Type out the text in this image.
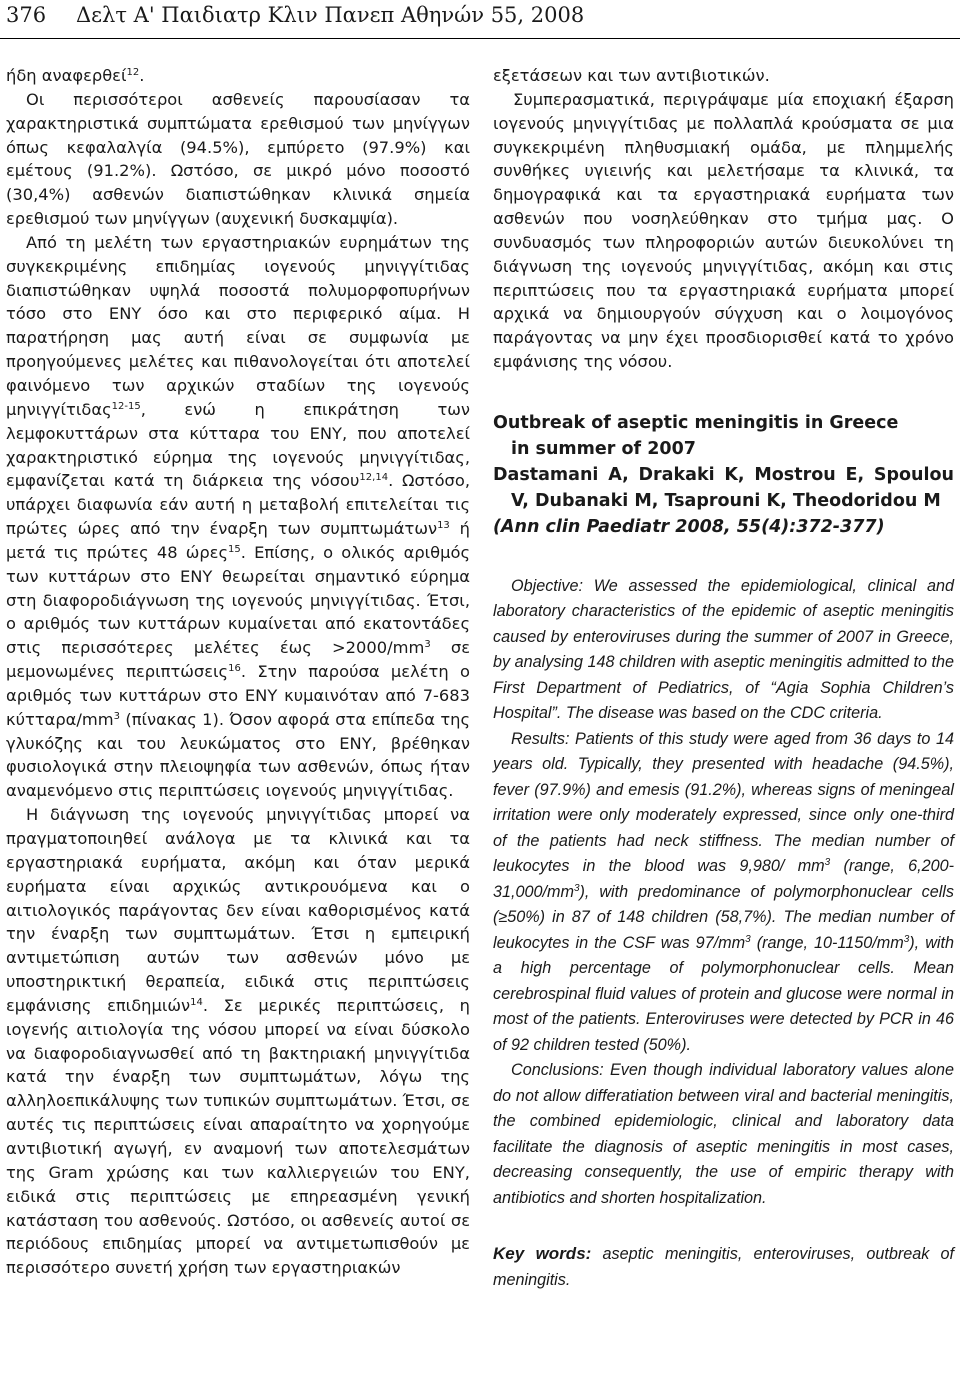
376 Δελτ Α' Παιδιατρ Κλιν Πανεπ Αθηνών 55, 2008

ήδη αναφερθεί$^{12}$.

Οι περισσότεροι ασθενείς παρουσίασαν τα χαρακτηριστικά συμπτώματα ερεθισμού των μηνίγγων όπως κεφαλαλγία (94.5%), εμπύρετο (97.9%) και εμέτους (91.2%). Ωστόσο, σε μικρό μόνο ποσοστό (30,4%) ασθενών διαπιστώθηκαν κλινικά σημεία ερεθισμού των μηνίγγων (αυχενική δυσκαμψία).

Από τη μελέτη των εργαστηριακών ευρημάτων της συγκεκριμένης επιδημίας ιογενούς μηνιγγίτιδας διαπιστώθηκαν υψηλά ποσοστά πολυμορφοπυρήνων τόσο στο ΕΝΥ όσο και στο περιφερικό αίμα. Η παρατήρηση μας αυτή είναι σε συμφωνία με προηγούμενες μελέτες και πιθανολογείται ότι αποτελεί φαινόμενο των αρχικών σταδίων της ιογενούς μηνιγγίτιδας$^{12-15}$, ενώ η επικράτηση των λεμφοκυττάρων στα κύτταρα του ΕΝΥ, που αποτελεί χαρακτηριστικό εύρημα της ιογενούς μηνιγγίτιδας, εμφανίζεται κατά τη διάρκεια της νόσου$^{12,14}$. Ωστόσο, υπάρχει διαφωνία εάν αυτή η μεταβολή επιτελείται τις πρώτες ώρες από την έναρξη των συμπτωμάτων$^{13}$ ή μετά τις πρώτες 48 ώρες$^{15}$. Επίσης, ο ολικός αριθμός των κυττάρων στο ΕΝΥ θεωρείται σημαντικό εύρημα στη διαφοροδιάγνωση της ιογενούς μηνιγγίτιδας. Έτσι, ο αριθμός των κυττάρων κυμαίνεται από εκατοντάδες στις περισσότερες μελέτες $έ\omega\varsigma >2000/mm^3$ σε μεμονωμένες περιπτώσεις$^{16}$. Στην παρούσα μελέτη ο αριθμός των κυττάρων στο ΕΝΥ κυμαινόταν από 7-683 κύτταρα/$mm^3$ (πίνακας 1). Όσον αφορά στα επίπεδα της γλυκόζης και του λευκώματος στο ΕΝΥ, βρέθηκαν φυσιολογικά στην πλειοψηφία των ασθενών, όπως ήταν αναμενόμενο στις περιπτώσεις ιογενούς μηνιγγίτιδας.

Η διάγνωση της ιογενούς μηνιγγίτιδας μπορεί να πραγματοποιηθεί ανάλογα με τα κλινικά και τα εργαστηριακά ευρήματα, ακόμη και όταν μερικά ευρήματα είναι αρχικώς αντικρουόμενα και ο αιτιολογικός παράγοντας δεν είναι καθορισμένος κατά την έναρξη των συμπτωμάτων. Έτσι η εμπειρική αντιμετώπιση αυτών των ασθενών μόνο με υποστηρικτική θεραπεία, ειδικά στις περιπτώσεις εμφάνισης επιδημιών$^{14}$. Σε μερικές περιπτώσεις, η ιογενής αιτιολογία της νόσου μπορεί να είναι δύσκολο να διαφοροδιαγνωσθεί από τη βακτηριακή μηνιγγίτιδα κατά την έναρξη των συμπτωμάτων, λόγω της αλληλοεπικάλυψης των τυπικών συμπτωμάτων. Έτσι, σε αυτές τις περιπτώσεις είναι απαραίτητο να χορηγούμε αντιβιοτική αγωγή, εν αναμονή των αποτελεσμάτων της Gram χρώσης και των καλλιεργειών του ΕΝΥ, ειδικά στις περιπτώσεις με επηρεασμένη γενική κατάσταση του ασθενούς. Ωστόσο, οι ασθενείς αυτοί σε περιόδους επιδημίας μπορεί να αντιμετωπισθούν με περισσότερο συνετή χρήση των εργαστηριακών

εξετάσεων και των αντιβιοτικών.

Συμπερασματικά, περιγράψαμε μία εποχιακή έξαρση ιογενούς μηνιγγίτιδας με πολλαπλά κρούσματα σε μια συγκεκριμένη πληθυσμιακή ομάδα, με πλημμελής συνθήκες υγιεινής και μελετήσαμε τα κλινικά, τα δημογραφικά και τα εργαστηριακά ευρήματα των ασθενών που νοσηλεύθηκαν στο τμήμα μας. Ο συνδυασμός των πληροφοριών αυτών διευκολύνει τη διάγνωση της ιογενούς μηνιγγίτιδας, ακόμη και στις περιπτώσεις που τα εργαστηριακά ευρήματα μπορεί αρχικά να δημιουργούν σύγχυση και ο λοιμογόνος παράγοντας να μην έχει προσδιορισθεί κατά το χρόνο εμφάνισης της νόσου.

Outbreak of aseptic meningitis in Greece
in summer of 2007

Dastamani A, Drakaki K, Mostrou E, Spoulou V, Dubanaki M, Tsaprouni K, Theodoridou M

(Ann clin Paediatr 2008, 55(4):372-377)

Objective: We assessed the epidemiological, clinical and laboratory characteristics of the epidemic of aseptic meningitis caused by enteroviruses during the summer of 2007 in Greece, by analysing 148 children with aseptic meningitis admitted to the First Department of Pediatrics, of “Agia Sophia Children’s Hospital”. The disease was based on the CDC criteria.

Results: Patients of this study were aged from 36 days to 14 years old. Typically, they presented with headache (94.5%), fever (97.9%) and emesis (91.2%), whereas signs of meningeal irritation were only moderately expressed, since only one-third of the patients had neck stiffness. The median number of leukocytes in the blood was 9,980/ $mm^3$ (range, $6,200-31,000/mm^3$), with predominance of polymorphonuclear cells (≥50%) in 87 of 148 children (58,7%). The median number of leukocytes in the CSF was $97/mm^3$ (range, $10-1150/mm^3$), with a high percentage of polymorphonuclear cells. Mean cerebrospinal fluid values of protein and glucose were normal in most of the patients. Enteroviruses were detected by PCR in 46 of 92 children tested (50%).

Conclusions: Even though individual laboratory values alone do not allow differatiation between viral and bacterial meningitis, the combined epidemiologic, clinical and laboratory data facilitate the diagnosis of aseptic meningitis in most cases, decreasing consequently, the use of empiric therapy with antibiotics and shorten hospitalization.

Key words: aseptic meningitis, enteroviruses, outbreak of meningitis.
